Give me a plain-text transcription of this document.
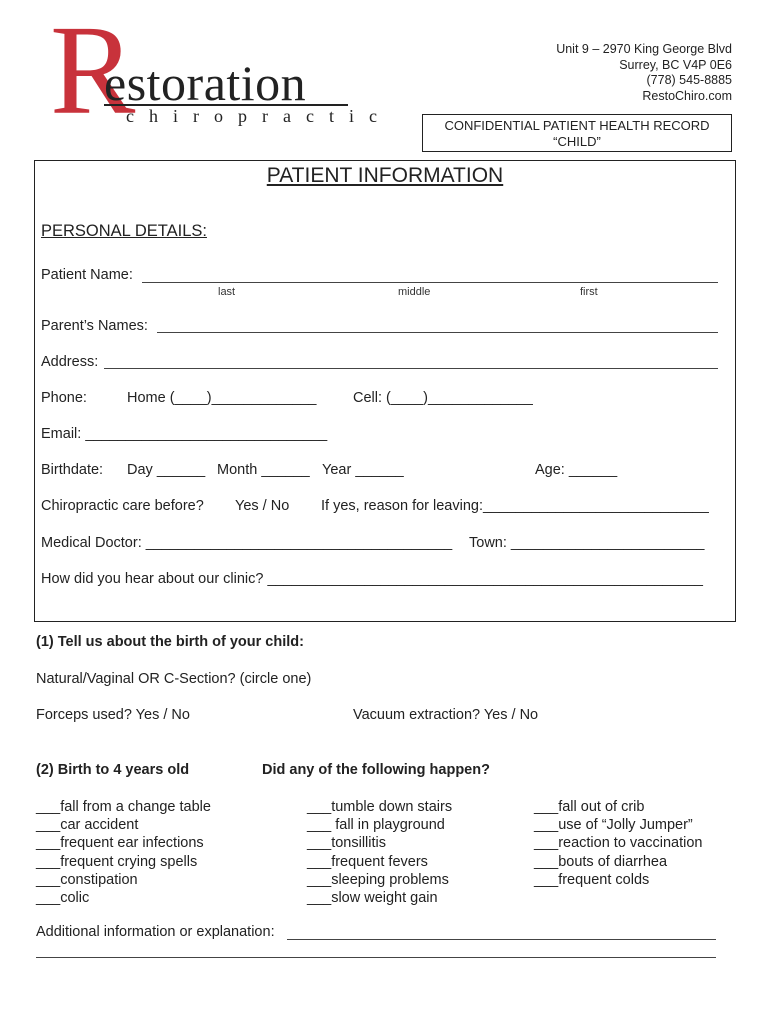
R
estoration
chiropractic
Unit 9 – 2970 King George Blvd
Surrey, BC V4P 0E6
(778) 545-8885
RestoChiro.com
CONFIDENTIAL PATIENT HEALTH RECORD
“CHILD”
PATIENT INFORMATION
PERSONAL DETAILS:
Patient Name:
last	middle	first
Parent’s Names:
Address:
Phone:	Home (____)_____________	Cell: (____)_____________
Email: ______________________________
Birthdate: Day ______ Month ______ Year ______	Age: ______
Chiropractic care before? Yes / No If yes, reason for leaving:____________________________
Medical Doctor: ______________________________________ Town: ________________________
How did you hear about our clinic? ______________________________________________________
(1) Tell us about the birth of your child:
Natural/Vaginal OR C-Section? (circle one)
Forceps used? Yes / No	Vacuum extraction? Yes / No
(2) Birth to 4 years old	Did any of the following happen?
___fall from a change table
___car accident
___frequent ear infections
___frequent crying spells
___constipation
___colic
___tumble down stairs
___ fall in playground
___tonsillitis
___frequent fevers
___sleeping problems
___slow weight gain
___fall out of crib
___use of “Jolly Jumper”
___reaction to vaccination
___bouts of diarrhea
___frequent colds
Additional information or explanation:
